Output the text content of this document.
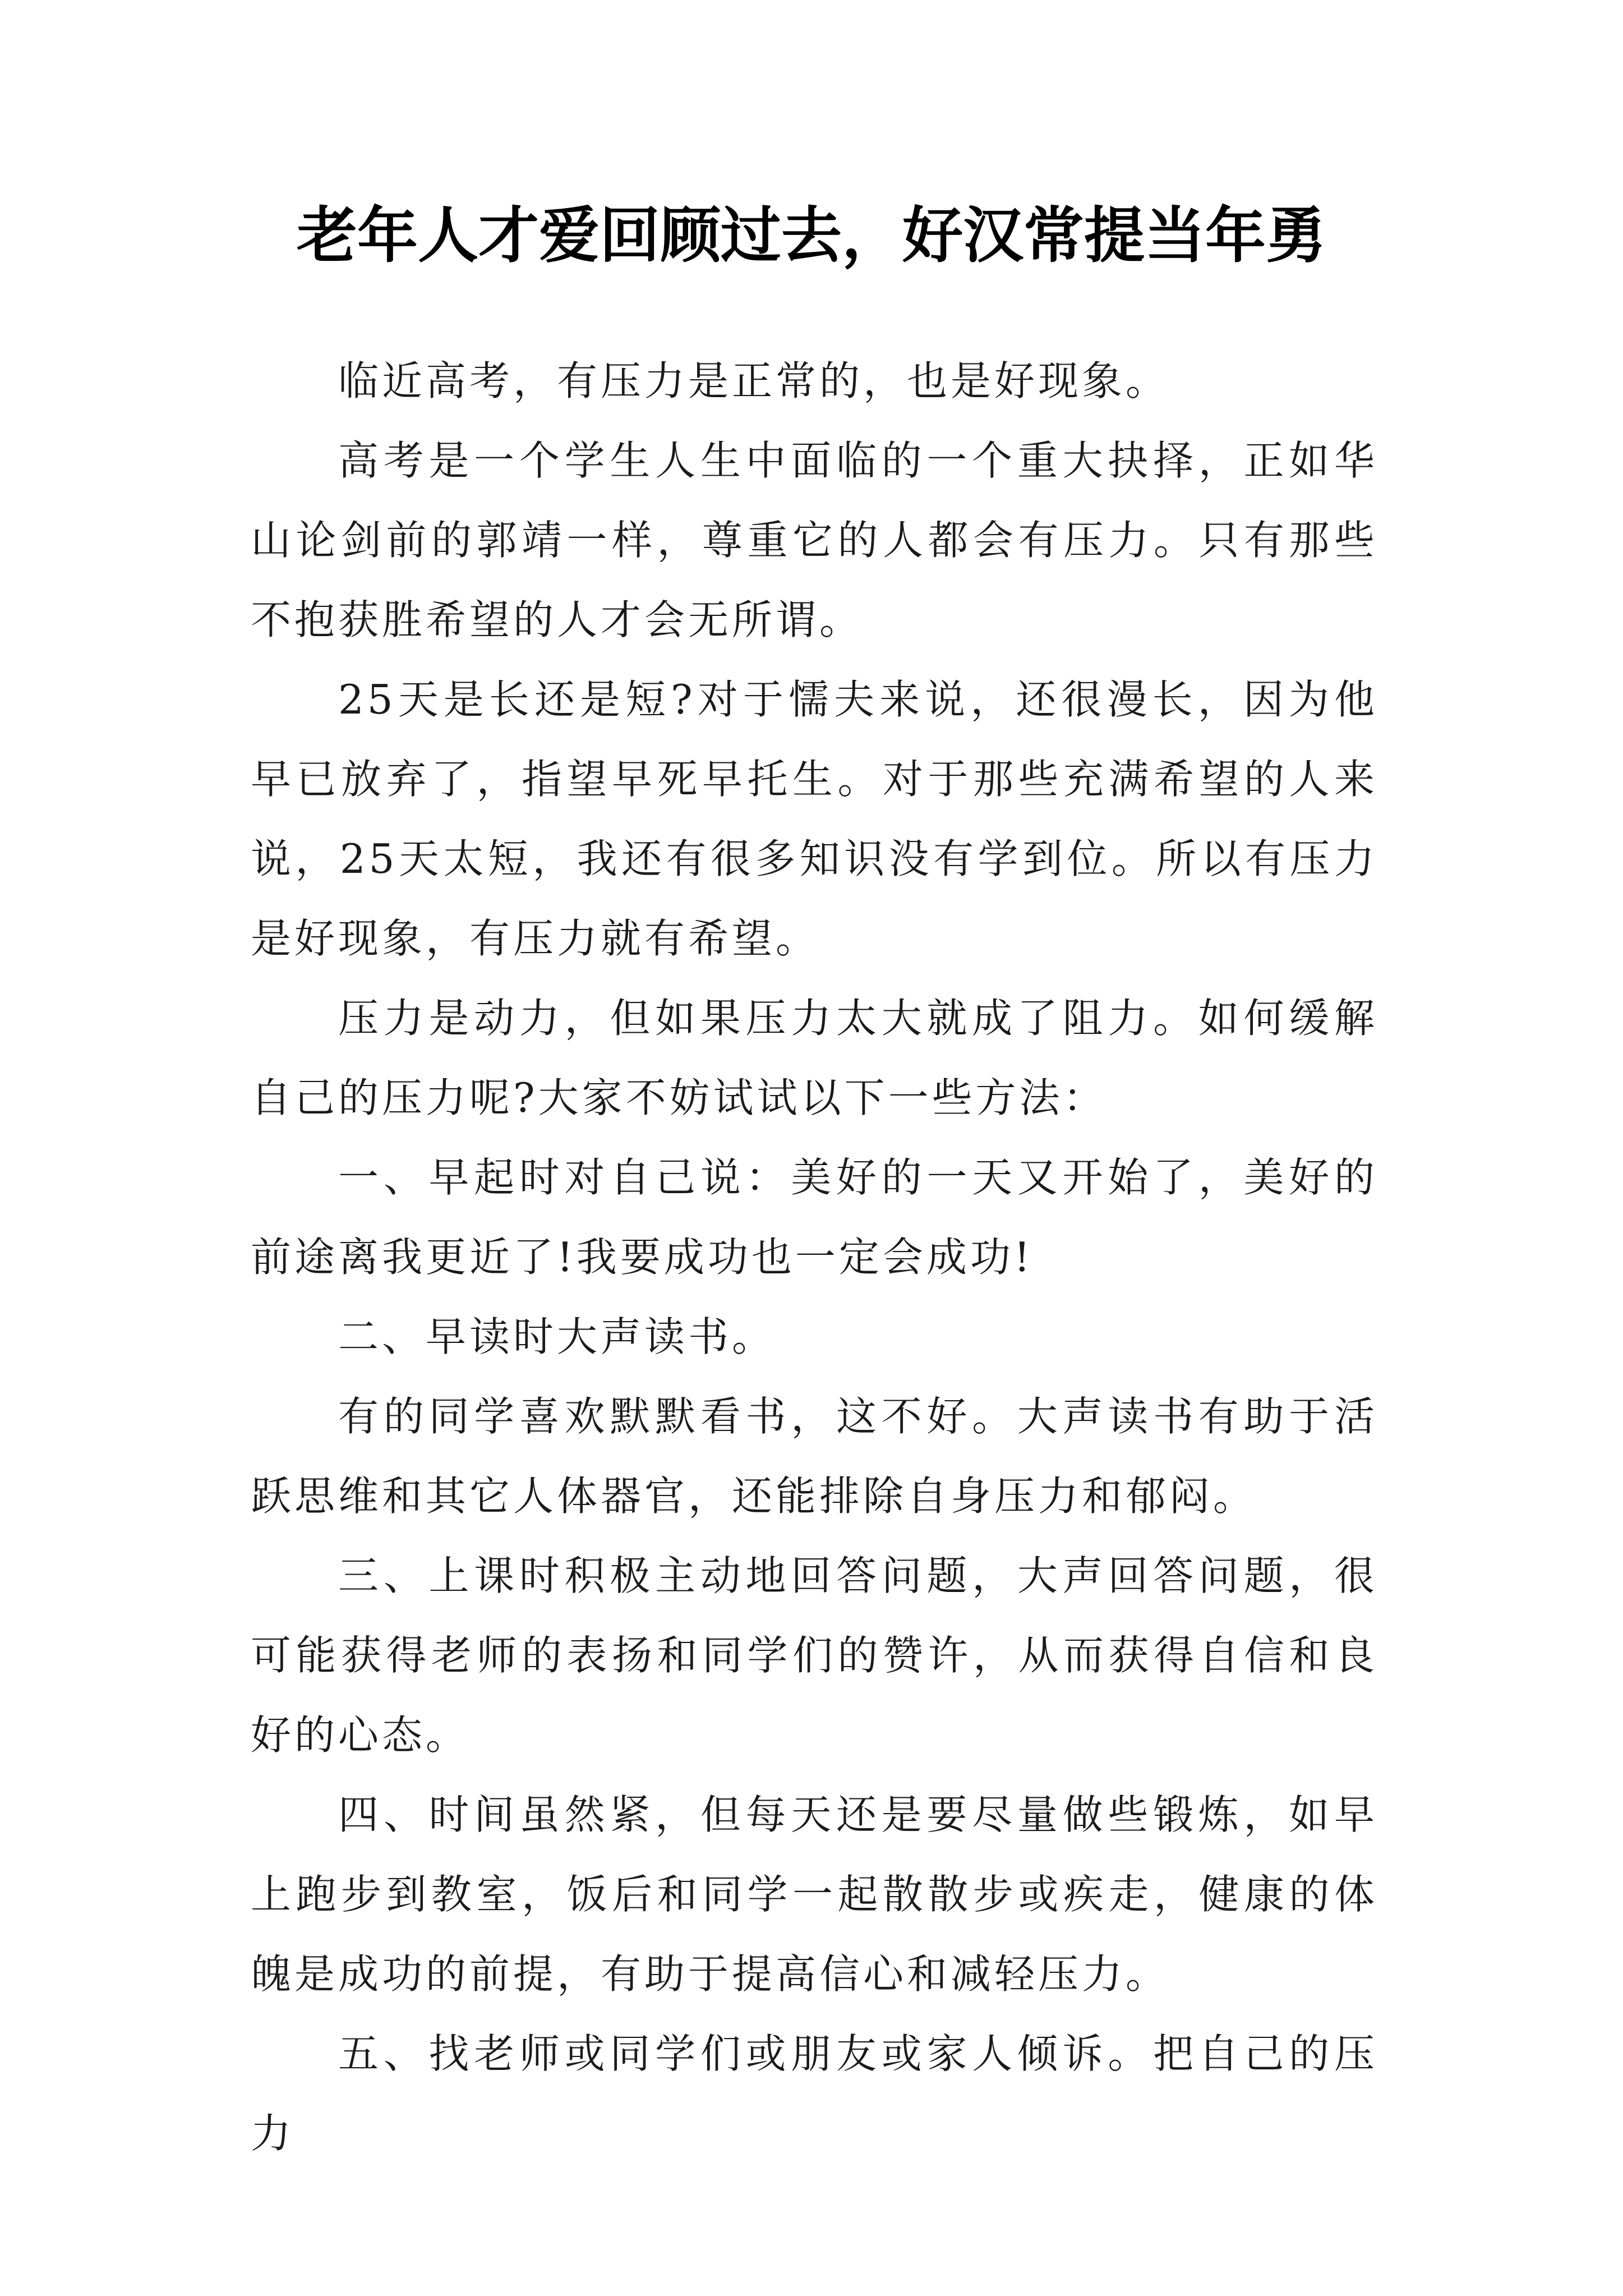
老年人才爱回顾过去，好汉常提当年勇

临近高考，有压力是正常的，也是好现象。

高考是一个学生人生中面临的一个重大抉择，正如华山论剑前的郭靖一样，尊重它的人都会有压力。只有那些不抱获胜希望的人才会无所谓。

25天是长还是短?对于懦夫来说，还很漫长，因为他早已放弃了，指望早死早托生。对于那些充满希望的人来说，25天太短，我还有很多知识没有学到位。所以有压力是好现象，有压力就有希望。

压力是动力，但如果压力太大就成了阻力。如何缓解自己的压力呢?大家不妨试试以下一些方法：

一、早起时对自己说：美好的一天又开始了，美好的前途离我更近了!我要成功也一定会成功!

二、早读时大声读书。

有的同学喜欢默默看书，这不好。大声读书有助于活跃思维和其它人体器官，还能排除自身压力和郁闷。

三、上课时积极主动地回答问题，大声回答问题，很可能获得老师的表扬和同学们的赞许，从而获得自信和良好的心态。

四、时间虽然紧，但每天还是要尽量做些锻炼，如早上跑步到教室，饭后和同学一起散散步或疾走，健康的体魄是成功的前提，有助于提高信心和减轻压力。

五、找老师或同学们或朋友或家人倾诉。把自己的压力
